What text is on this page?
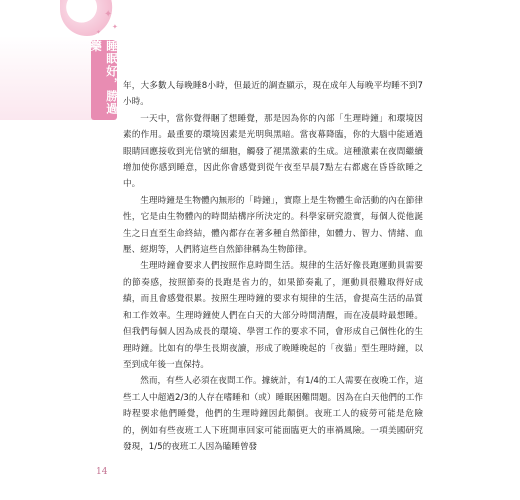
✦
✦
✦
睡眠好，勝過藥

年，大多數人每晚睡8小時，但最近的調查顯示，現在成年人每晚平均睡不到7小時。

一天中，當你覺得睏了想睡覺，那是因為你的內部「生理時鐘」和環境因素的作用。最重要的環境因素是光明與黑暗。當夜幕降臨，你的大腦中能通過眼睛回應接收到光信號的細胞，觸發了褪黑激素的生成。這種激素在夜間繼續增加使你感到睡意，因此你會感覺到從午夜至早晨7點左右都處在昏昏欲睡之中。

生理時鐘是生物體內無形的「時鐘」，實際上是生物體生命活動的內在節律性，它是由生物體內的時間結構序所決定的。科學家研究證實，每個人從他誕生之日直至生命終結，體內都存在著多種自然節律，如體力、智力、情緒、血壓、經期等，人們將這些自然節律稱為生物節律。

生理時鐘會要求人們按照作息時間生活。規律的生活好像長跑運動員需要的節奏感，按照節奏的長跑是省力的，如果節奏亂了，運動員很難取得好成績，而且會感覺很累。按照生理時鐘的要求有規律的生活，會提高生活的品質和工作效率。生理時鐘使人們在白天的大部分時間清醒，而在凌晨時最想睡。但我們每個人因為成長的環境、學習工作的要求不同，會形成自己個性化的生理時鐘。比如有的學生長期夜讀，形成了晚睡晚起的「夜貓」型生理時鐘，以至到成年後一直保持。

然而，有些人必須在夜間工作。據統計，有1/4的工人需要在夜晚工作，這些工人中超過2/3的人存在嗜睡和（或）睡眠困難問題。因為在白天他們的工作時程要求他們睡覺，他們的生理時鐘因此顛倒。夜班工人的疲勞可能是危險的，例如有些夜班工人下班開車回家可能面臨更大的車禍風險。一項美國研究發現，1/5的夜班工人因為瞌睡曾發

14
